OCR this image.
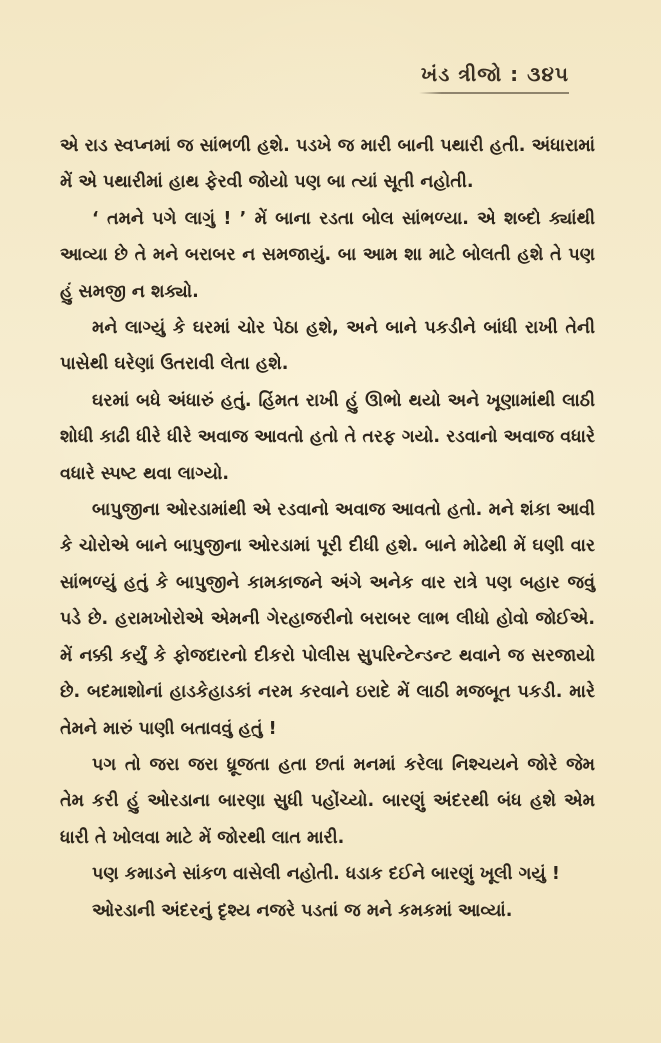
ખંડ ત્રીજો : ૩૪૫

એ રાડ સ્વપ્નમાં જ સાંભળી હશે. પડખે જ મારી બાની પથારી હતી. અંધારામાં મેં એ પથારીમાં હાથ ફેરવી જોયો પણ બા ત્યાં સૂતી નહોતી.

‘ તમને પગે લાગું ! ’ મેં બાના રડતા બોલ સાંભળ્યા. એ શબ્દો ક્યાંથી આવ્યા છે તે મને બરાબર ન સમજાયું. બા આમ શા માટે બોલતી હશે તે પણ હું સમજી ન શક્યો.

મને લાગ્યું કે ઘરમાં ચોર પેઠા હશે, અને બાને પકડીને બાંધી રાખી તેની પાસેથી ઘરેણાં ઉતરાવી લેતા હશે.

ઘરમાં બધે અંધારું હતું. હિંમત રાખી હું ઊભો થયો અને ખૂણામાંથી લાઠી શોધી કાઢી ધીરે ધીરે અવાજ આવતો હતો તે તરફ ગયો. રડવાનો અવાજ વધારે વધારે સ્પષ્ટ થવા લાગ્યો.

બાપુજીના ઓરડામાંથી એ રડવાનો અવાજ આવતો હતો. મને શંકા આવી કે ચોરોએ બાને બાપુજીના ઓરડામાં પૂરી દીધી હશે. બાને મોઢેથી મેં ઘણી વાર સાંભળ્યું હતું કે બાપુજીને કામકાજને અંગે અનેક વાર રાત્રે પણ બહાર જવું પડે છે. હરામખોરોએ એમની ગેરહાજરીનો બરાબર લાભ લીધો હોવો જોઈએ. મેં નક્કી કર્યું કે ફોજદારનો દીકરો પોલીસ સુપરિન્ટેન્ડન્ટ થવાને જ સરજાયો છે. બદમાશોનાં હાડકેહાડકાં નરમ કરવાને ઇરાદે મેં લાઠી મજબૂત પકડી. મારે તેમને મારું પાણી બતાવવું હતું !

પગ તો જરા જરા ધ્રૂજતા હતા છતાં મનમાં કરેલા નિશ્ચયને જોરે જેમ તેમ કરી હું ઓરડાના બારણા સુધી પહોંચ્યો. બારણું અંદરથી બંધ હશે એમ ધારી તે ખોલવા માટે મેં જોરથી લાત મારી.

પણ કમાડને સાંકળ વાસેલી નહોતી. ધડાક દઈને બારણું ખૂલી ગયું !

ઓરડાની અંદરનું દૃશ્ય નજરે પડતાં જ મને કમકમાં આવ્યાં.
